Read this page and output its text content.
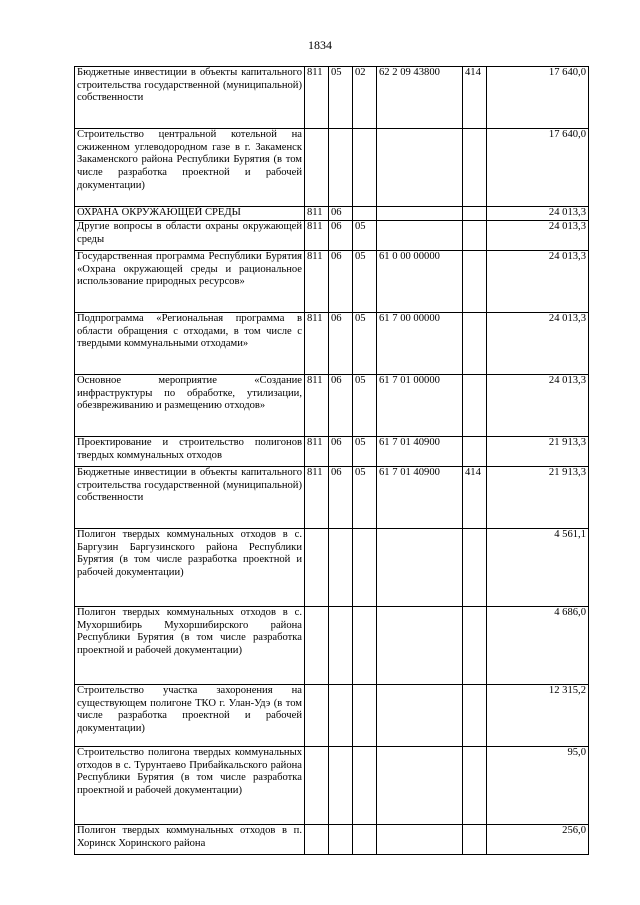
1834
Бюджетные инвестиции в объекты капитального строительства государственной (муниципальной) собственности	811	05	02	62 2 09 43800	414	17 640,0
Строительство центральной котельной на сжиженном углеводородном газе в г. Закаменск Закаменского района Республики Бурятия (в том числе разработка проектной и рабочей документации)						17 640,0
ОХРАНА ОКРУЖАЮЩЕЙ СРЕДЫ	811	06				24 013,3
Другие вопросы в области охраны окружающей среды	811	06	05			24 013,3
Государственная программа Республики Бурятия «Охрана окружающей среды и рациональное использование природных ресурсов»	811	06	05	61 0 00 00000		24 013,3
Подпрограмма «Региональная программа в области обращения с отходами, в том числе с твердыми коммунальными отходами»	811	06	05	61 7 00 00000		24 013,3
Основное мероприятие «Создание инфраструктуры по обработке, утилизации, обезвреживанию и размещению отходов»	811	06	05	61 7 01 00000		24 013,3
Проектирование и строительство полигонов твердых коммунальных отходов	811	06	05	61 7 01 40900		21 913,3
Бюджетные инвестиции в объекты капитального строительства государственной (муниципальной) собственности	811	06	05	61 7 01 40900	414	21 913,3
Полигон твердых коммунальных отходов в с. Баргузин Баргузинского района Республики Бурятия (в том числе разработка проектной и рабочей документации)						4 561,1
Полигон твердых коммунальных отходов в с. Мухоршибирь Мухоршибирского района Республики Бурятия (в том числе разработка проектной и рабочей документации)						4 686,0
Строительство участка захоронения на существующем полигоне ТКО г. Улан-Удэ (в том числе разработка проектной и рабочей документации)						12 315,2
Строительство полигона твердых коммунальных отходов в с. Турунтаево Прибайкальского района Республики Бурятия (в том числе разработка проектной и рабочей документации)						95,0
Полигон твердых коммунальных отходов в п. Хоринск Хоринского района						256,0
